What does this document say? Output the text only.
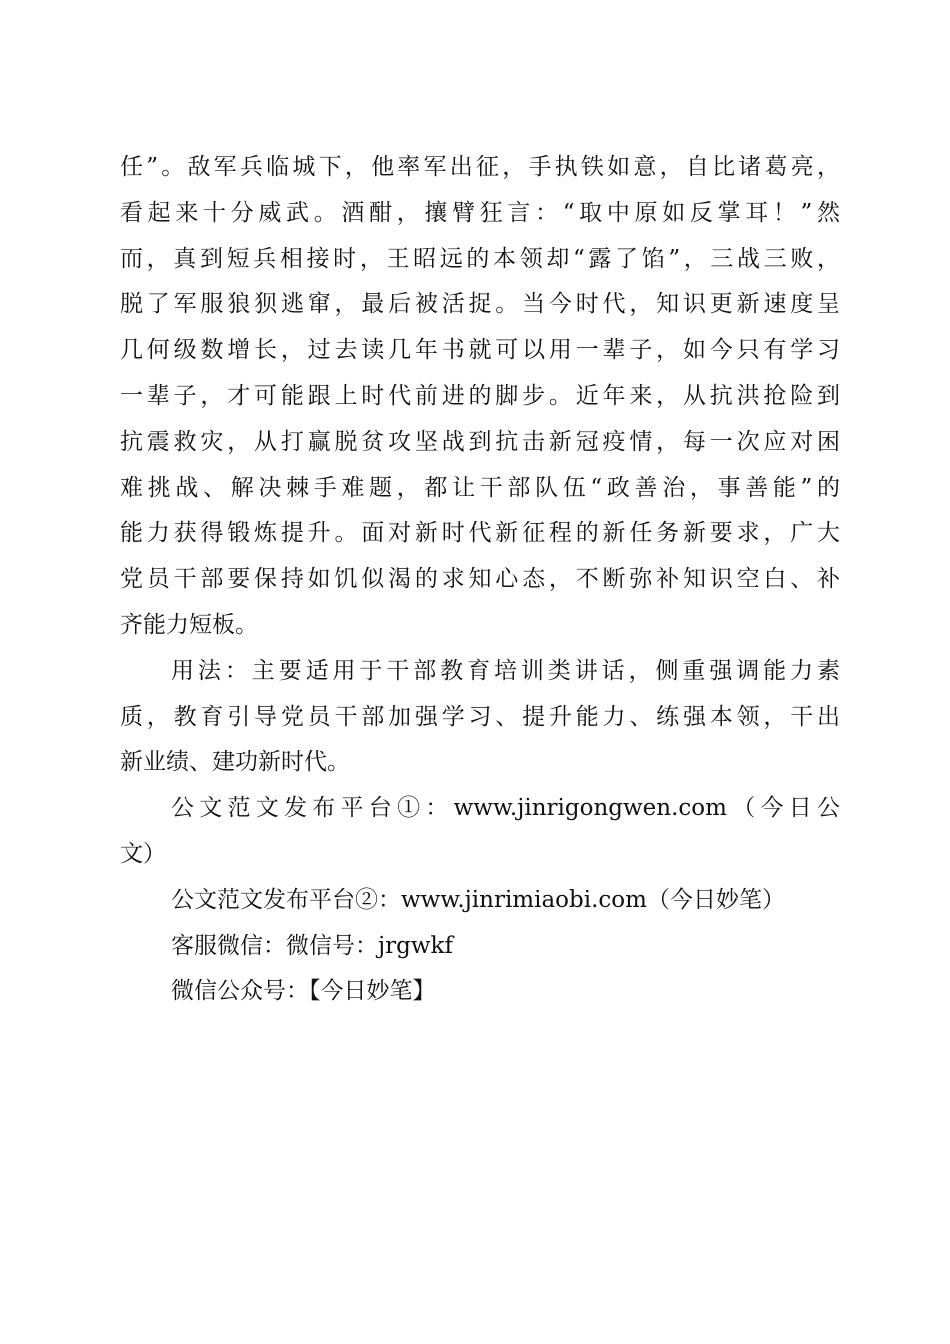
任”。敌军兵临城下，他率军出征，手执铁如意，自比诸葛亮，
看起来十分威武。酒酣，攘臂狂言：“取中原如反掌耳！”然
而，真到短兵相接时，王昭远的本领却“露了馅”，三战三败，
脱了军服狼狈逃窜，最后被活捉。当今时代，知识更新速度呈
几何级数增长，过去读几年书就可以用一辈子，如今只有学习
一辈子，才可能跟上时代前进的脚步。近年来，从抗洪抢险到
抗震救灾，从打赢脱贫攻坚战到抗击新冠疫情，每一次应对困
难挑战、解决棘手难题，都让干部队伍“政善治，事善能”的
能力获得锻炼提升。面对新时代新征程的新任务新要求，广大
党员干部要保持如饥似渴的求知心态，不断弥补知识空白、补
齐能力短板。
用法：主要适用于干部教育培训类讲话，侧重强调能力素
质，教育引导党员干部加强学习、提升能力、练强本领，干出
新业绩、建功新时代。
公文范文发布平台①：www.jinrigongwen.com（今日公
文）
公文范文发布平台②：www.jinrimiaobi.com（今日妙笔）
客服微信：微信号：jrgwkf
微信公众号：【今日妙笔】
